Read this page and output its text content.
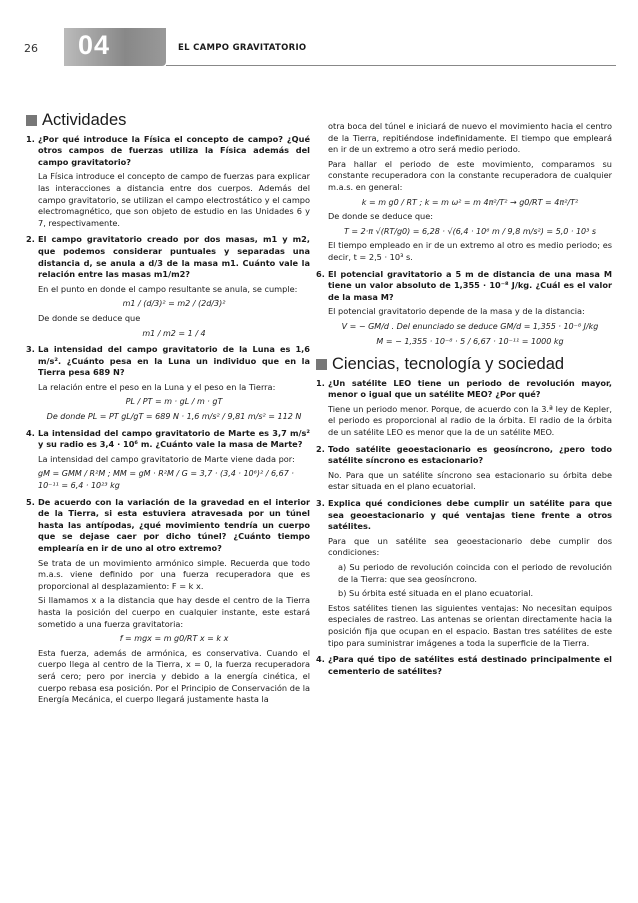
26 04	EL CAMPO GRAVITATORIO
Actividades
1. ¿Por qué introduce la Física el concepto de campo? ¿Qué otros campos de fuerzas utiliza la Física además del campo gravitatorio?
La Física introduce el concepto de campo de fuerzas para explicar las interacciones a distancia entre dos cuerpos. Además del campo gravitatorio, se utilizan el campo electrostático y el campo electromagnético, que son objeto de estudio en las Unidades 6 y 7, respectivamente.
2. El campo gravitatorio creado por dos masas, m1 y m2, que podemos considerar puntuales y separadas una distancia d, se anula a d/3 de la masa m1. Cuánto vale la relación entre las masas m1/m2?
En el punto en donde el campo resultante se anula, se cumple:
m1 / (d/3)² = m2 / (2d/3)²
De donde se deduce que
m1 / m2 = 1 / 4
3. La intensidad del campo gravitatorio de la Luna es 1,6 m/s². ¿Cuánto pesa en la Luna un individuo que en la Tierra pesa 689 N?
La relación entre el peso en la Luna y el peso en la Tierra:
PL / PT = m · gL / m · gT
De donde PL = PT gL/gT = 689 N · 1,6 m/s² / 9,81 m/s² = 112 N
4. La intensidad del campo gravitatorio de Marte es 3,7 m/s² y su radio es 3,4 · 10⁶ m. ¿Cuánto vale la masa de Marte?
La intensidad del campo gravitatorio de Marte viene dada por:
gM = GMM / R²M ; MM = gM · R²M / G = 3,7 · (3,4 · 10⁶)² / 6,67 · 10⁻¹¹ = 6,4 · 10²³ kg
5. De acuerdo con la variación de la gravedad en el interior de la Tierra, si esta estuviera atravesada por un túnel hasta las antípodas, ¿qué movimiento tendría un cuerpo que se dejase caer por dicho túnel? ¿Cuánto tiempo emplearía en ir de uno al otro extremo?
Se trata de un movimiento armónico simple. Recuerda que todo m.a.s. viene definido por una fuerza recuperadora que es proporcional al desplazamiento: F = k x.
Si llamamos x a la distancia que hay desde el centro de la Tierra hasta la posición del cuerpo en cualquier instante, este estará sometido a una fuerza gravitatoria:
f = mgx = m g0/RT x = k x
Esta fuerza, además de armónica, es conservativa. Cuando el cuerpo llega al centro de la Tierra, x = 0, la fuerza recuperadora será cero; pero por inercia y debido a la energía cinética, el cuerpo rebasa esa posición. Por el Principio de Conservación de la Energía Mecánica, el cuerpo llegará justamente hasta la
otra boca del túnel e iniciará de nuevo el movimiento hacia el centro de la Tierra, repitiéndose indefinidamente. El tiempo que empleará en ir de un extremo a otro será medio periodo.
Para hallar el periodo de este movimiento, comparamos su constante recuperadora con la constante recuperadora de cualquier m.a.s. en general:
k = m g0 / RT ; k = m ω² = m 4π²/T² → g0/RT = 4π²/T²
De donde se deduce que:
T = 2·π √(RT/g0) = 6,28 · √(6,4 · 10⁶ m / 9,8 m/s²) = 5,0 · 10³ s
El tiempo empleado en ir de un extremo al otro es medio periodo; es decir, t = 2,5 · 10³ s.
6. El potencial gravitatorio a 5 m de distancia de una masa M tiene un valor absoluto de 1,355 · 10⁻⁸ J/kg. ¿Cuál es el valor de la masa M?
El potencial gravitatorio depende de la masa y de la distancia:
V = − GM/d . Del enunciado se deduce GM/d = 1,355 · 10⁻⁸ J/kg
M = − 1,355 · 10⁻⁸ · 5 / 6,67 · 10⁻¹¹ = 1000 kg
Ciencias, tecnología y sociedad
1. ¿Un satélite LEO tiene un periodo de revolución mayor, menor o igual que un satélite MEO? ¿Por qué?
Tiene un periodo menor. Porque, de acuerdo con la 3.ª ley de Kepler, el periodo es proporcional al radio de la órbita. El radio de la órbita de un satélite LEO es menor que la de un satélite MEO.
2. Todo satélite geoestacionario es geosíncrono, ¿pero todo satélite síncrono es estacionario?
No. Para que un satélite síncrono sea estacionario su órbita debe estar situada en el plano ecuatorial.
3. Explica qué condiciones debe cumplir un satélite para que sea geoestacionario y qué ventajas tiene frente a otros satélites.
Para que un satélite sea geoestacionario debe cumplir dos condiciones:
a) Su periodo de revolución coincida con el periodo de revolución de la Tierra: que sea geosíncrono.
b) Su órbita esté situada en el plano ecuatorial.
Estos satélites tienen las siguientes ventajas: No necesitan equipos especiales de rastreo. Las antenas se orientan directamente hacia la posición fija que ocupan en el espacio. Bastan tres satélites de este tipo para suministrar imágenes a toda la superficie de la Tierra.
4. ¿Para qué tipo de satélites está destinado principalmente el cementerio de satélites?
